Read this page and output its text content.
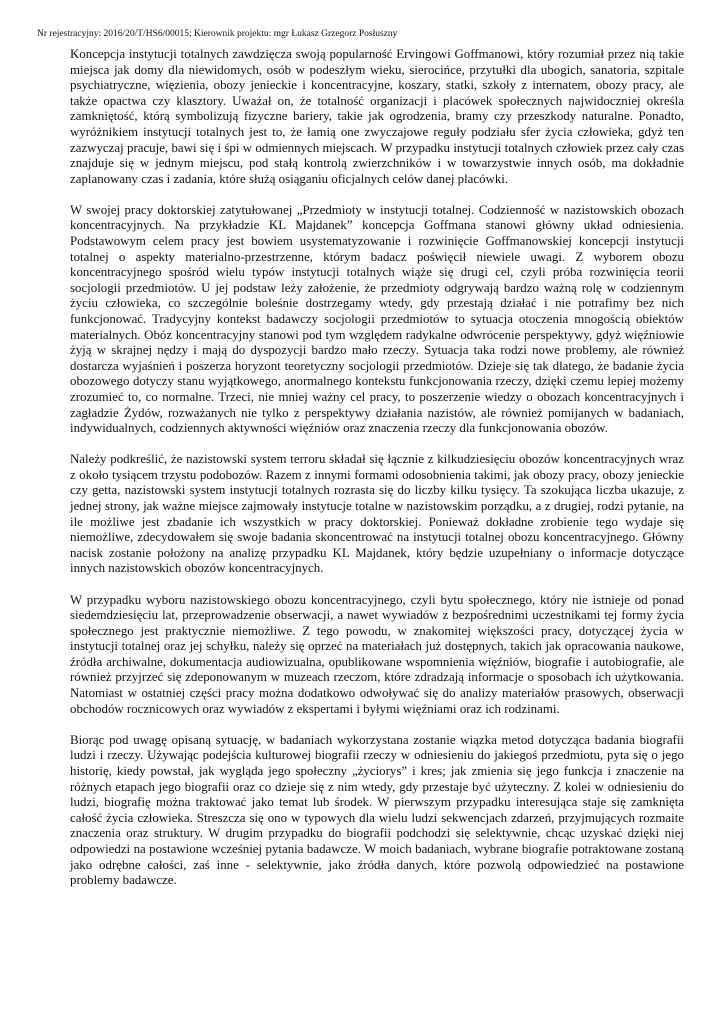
Nr rejestracyjny: 2016/20/T/HS6/00015; Kierownik projektu: mgr Łukasz Grzegorz Posłuszny

Koncepcja instytucji totalnych zawdzięcza swoją popularność Ervingowi Goffmanowi, który rozumiał przez nią takie miejsca jak domy dla niewidomych, osób w podeszłym wieku, sierocińce, przytułki dla ubogich, sanatoria, szpitale psychiatryczne, więzienia, obozy jenieckie i koncentracyjne, koszary, statki, szkoły z internatem, obozy pracy, ale także opactwa czy klasztory. Uważał on, że totalność organizacji i placówek społecznych najwidoczniej określa zamkniętość, którą symbolizują fizyczne bariery, takie jak ogrodzenia, bramy czy przeszkody naturalne. Ponadto, wyróżnikiem instytucji totalnych jest to, że łamią one zwyczajowe reguły podziału sfer życia człowieka, gdyż ten zazwyczaj pracuje, bawi się i śpi w odmiennych miejscach. W przypadku instytucji totalnych człowiek przez cały czas znajduje się w jednym miejscu, pod stałą kontrolą zwierzchników i w towarzystwie innych osób, ma dokładnie zaplanowany czas i zadania, które służą osiąganiu oficjalnych celów danej placówki.

W swojej pracy doktorskiej zatytułowanej „Przedmioty w instytucji totalnej. Codzienność w nazistowskich obozach koncentracyjnych. Na przykładzie KL Majdanek” koncepcja Goffmana stanowi główny układ odniesienia. Podstawowym celem pracy jest bowiem usystematyzowanie i rozwinięcie Goffmanowskiej koncepcji instytucji totalnej o aspekty materialno-przestrzenne, którym badacz poświęcił niewiele uwagi. Z wyborem obozu koncentracyjnego spośród wielu typów instytucji totalnych wiąże się drugi cel, czyli próba rozwinięcia teorii socjologii przedmiotów. U jej podstaw leży założenie, że przedmioty odgrywają bardzo ważną rolę w codziennym życiu człowieka, co szczególnie boleśnie dostrzegamy wtedy, gdy przestają działać i nie potrafimy bez nich funkcjonować. Tradycyjny kontekst badawczy socjologii przedmiotów to sytuacja otoczenia mnogością obiektów materialnych. Obóz koncentracyjny stanowi pod tym względem radykalne odwrócenie perspektywy, gdyż więźniowie żyją w skrajnej nędzy i mają do dyspozycji bardzo mało rzeczy. Sytuacja taka rodzi nowe problemy, ale również dostarcza wyjaśnień i poszerza horyzont teoretyczny socjologii przedmiotów. Dzieje się tak dlatego, że badanie życia obozowego dotyczy stanu wyjątkowego, anormalnego kontekstu funkcjonowania rzeczy, dzięki czemu lepiej możemy zrozumieć to, co normalne. Trzeci, nie mniej ważny cel pracy, to poszerzenie wiedzy o obozach koncentracyjnych i zagładzie Żydów, rozważanych nie tylko z perspektywy działania nazistów, ale również pomijanych w badaniach, indywidualnych, codziennych aktywności więźniów oraz znaczenia rzeczy dla funkcjonowania obozów.

Należy podkreślić, że nazistowski system terroru składał się łącznie z kilkudziesięciu obozów koncentracyjnych wraz z około tysiącem trzystu podobozów. Razem z innymi formami odosobnienia takimi, jak obozy pracy, obozy jenieckie czy getta, nazistowski system instytucji totalnych rozrasta się do liczby kilku tysięcy. Ta szokująca liczba ukazuje, z jednej strony, jak ważne miejsce zajmowały instytucje totalne w nazistowskim porządku, a z drugiej, rodzi pytanie, na ile możliwe jest zbadanie ich wszystkich w pracy doktorskiej. Ponieważ dokładne zrobienie tego wydaje się niemożliwe, zdecydowałem się swoje badania skoncentrować na instytucji totalnej obozu koncentracyjnego. Główny nacisk zostanie położony na analizę przypadku KL Majdanek, który będzie uzupełniany o informacje dotyczące innych nazistowskich obozów koncentracyjnych.

W przypadku wyboru nazistowskiego obozu koncentracyjnego, czyli bytu społecznego, który nie istnieje od ponad siedemdziesięciu lat, przeprowadzenie obserwacji, a nawet wywiadów z bezpośrednimi uczestnikami tej formy życia społecznego jest praktycznie niemożliwe. Z tego powodu, w znakomitej większości pracy, dotyczącej życia w instytucji totalnej oraz jej schyłku, należy się oprzeć na materiałach już dostępnych, takich jak opracowania naukowe, źródła archiwalne, dokumentacja audiowizualna, opublikowane wspomnienia więźniów, biografie i autobiografie, ale również przyjrzeć się zdeponowanym w muzeach rzeczom, które zdradzają informacje o sposobach ich użytkowania. Natomiast w ostatniej części pracy można dodatkowo odwoływać się do analizy materiałów prasowych, obserwacji obchodów rocznicowych oraz wywiadów z ekspertami i byłymi więźniami oraz ich rodzinami.

Biorąc pod uwagę opisaną sytuację, w badaniach wykorzystana zostanie wiązka metod dotycząca badania biografii ludzi i rzeczy. Używając podejścia kulturowej biografii rzeczy w odniesieniu do jakiegoś przedmiotu, pyta się o jego historię, kiedy powstał, jak wygląda jego społeczny „życiorys” i kres; jak zmienia się jego funkcja i znaczenie na różnych etapach jego biografii oraz co dzieje się z nim wtedy, gdy przestaje być użyteczny. Z kolei w odniesieniu do ludzi, biografię można traktować jako temat lub środek. W pierwszym przypadku interesująca staje się zamknięta całość życia człowieka. Streszcza się ono w typowych dla wielu ludzi sekwencjach zdarzeń, przyjmujących rozmaite znaczenia oraz struktury. W drugim przypadku do biografii podchodzi się selektywnie, chcąc uzyskać dzięki niej odpowiedzi na postawione wcześniej pytania badawcze. W moich badaniach, wybrane biografie potraktowane zostaną jako odrębne całości, zaś inne - selektywnie, jako źródła danych, które pozwolą odpowiedzieć na postawione problemy badawcze.
